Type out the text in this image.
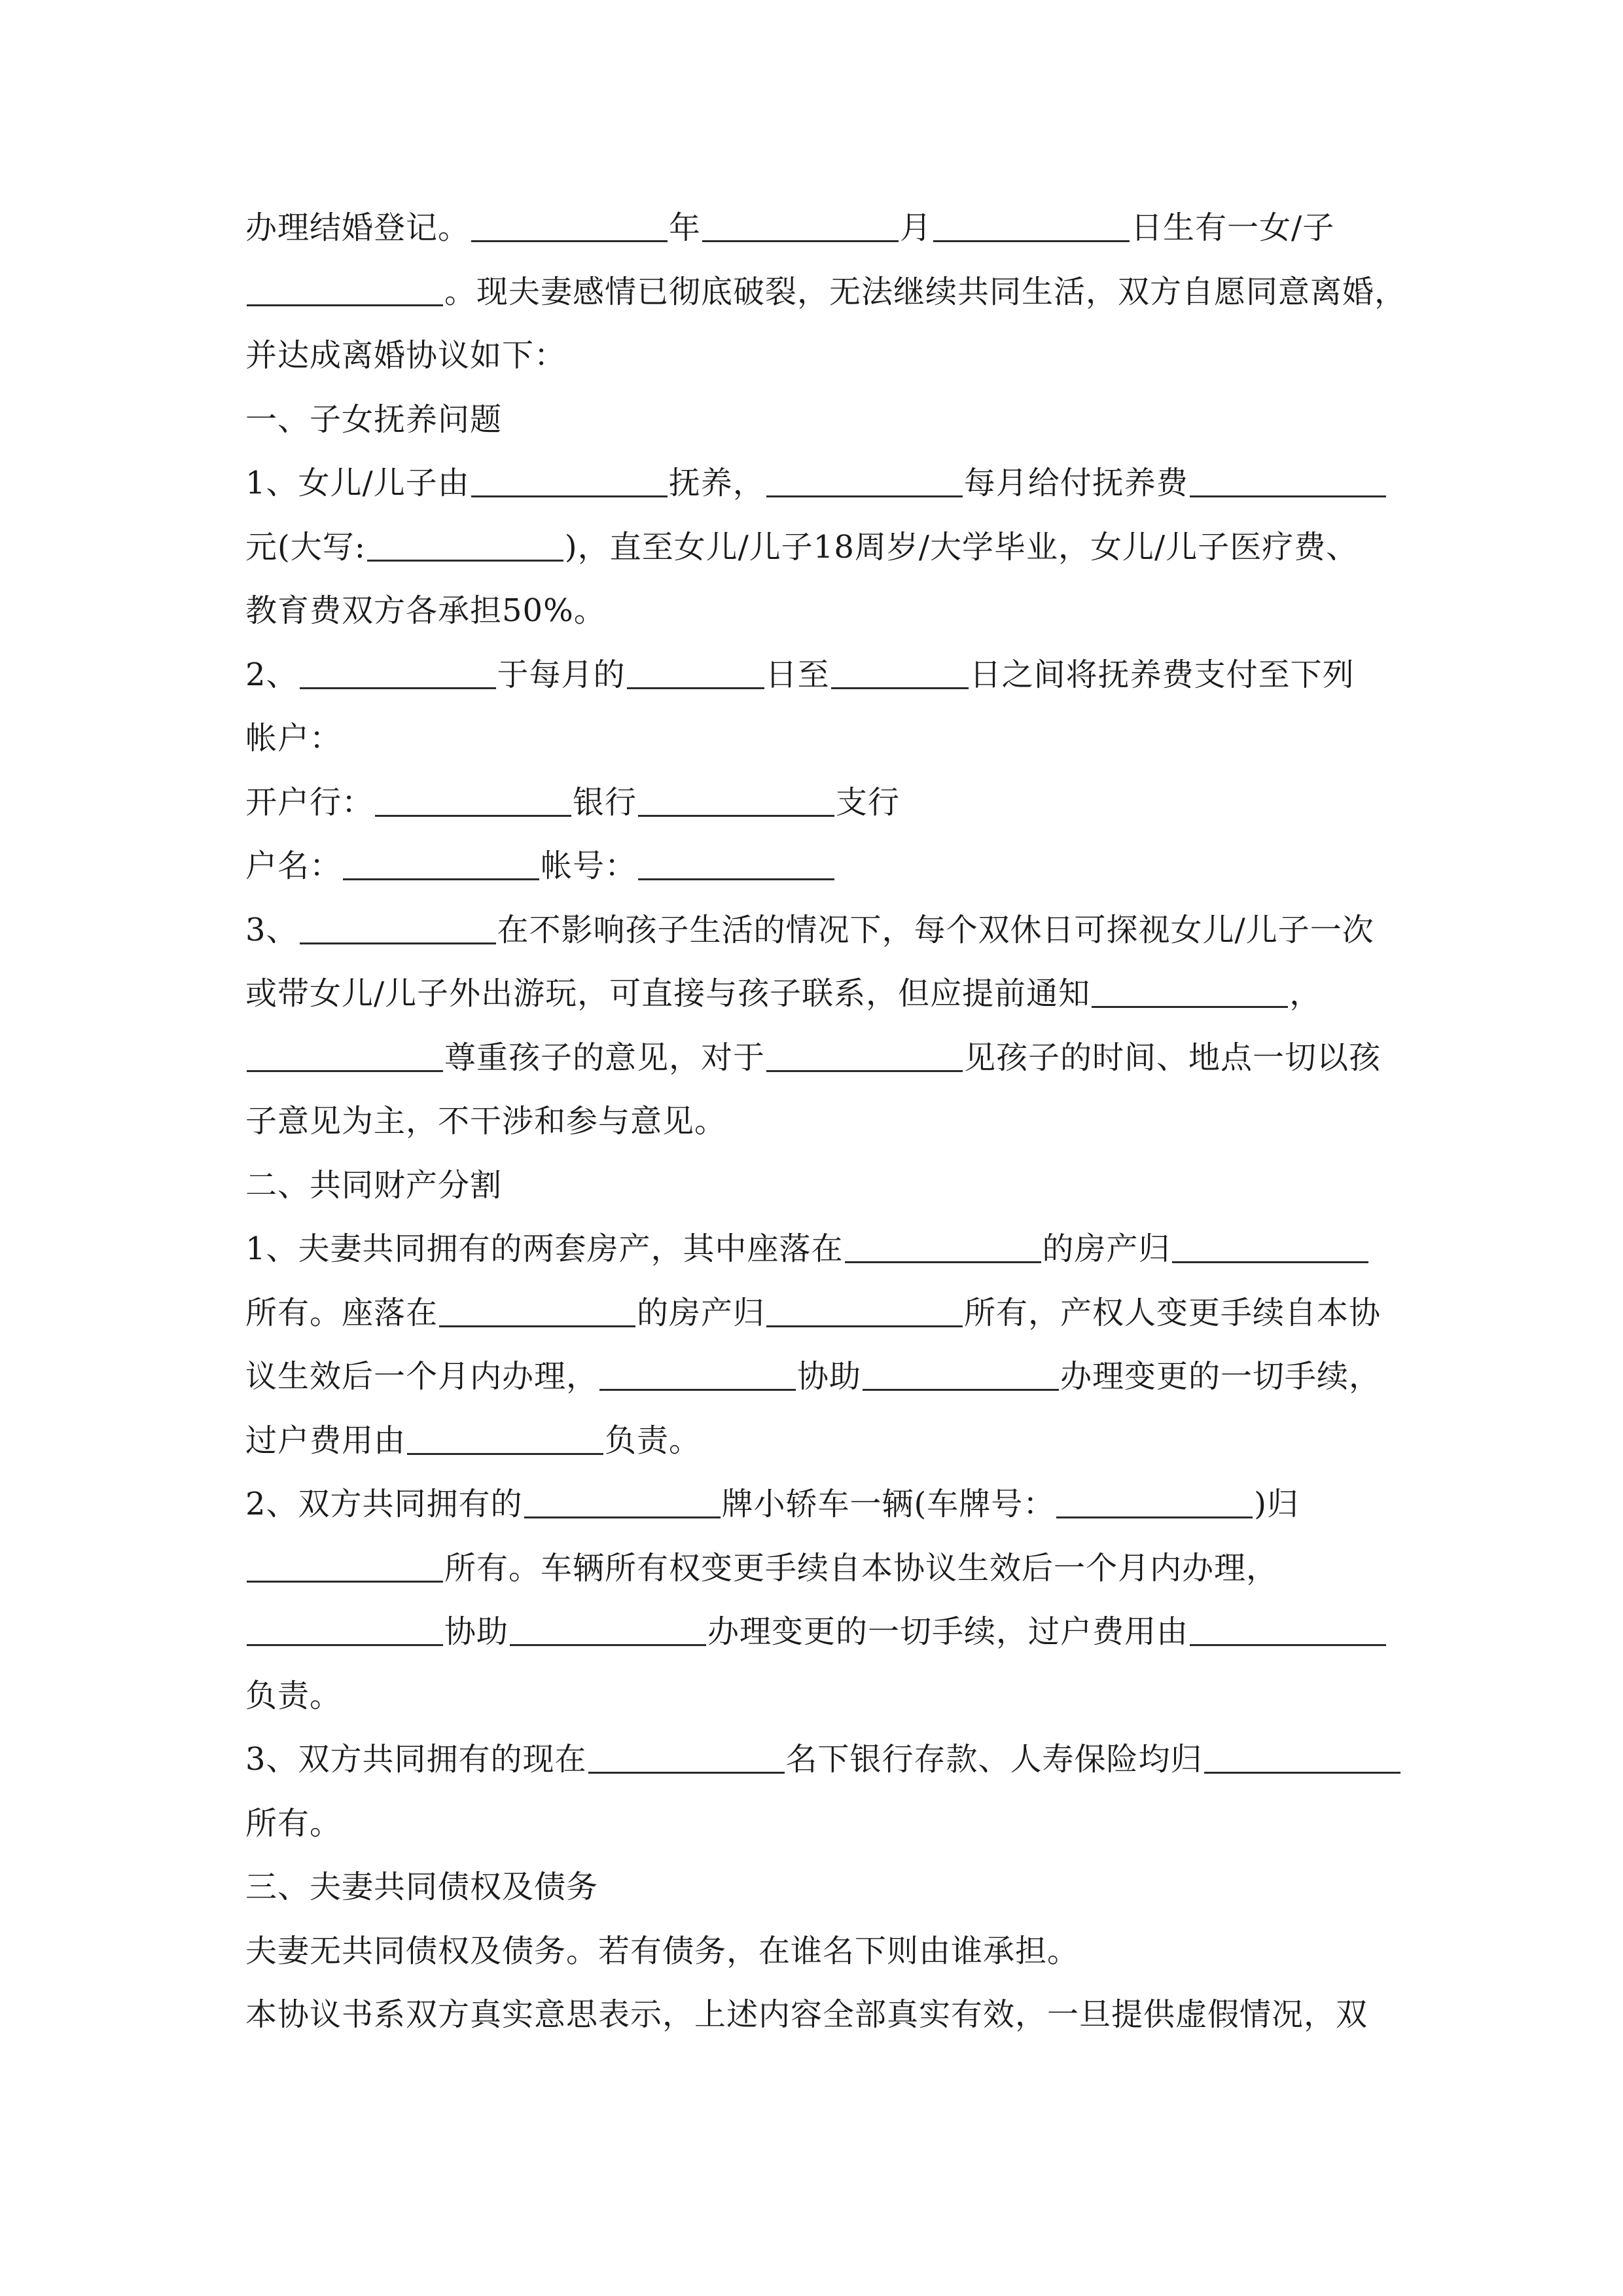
办理结婚登记。	年	月	日生有一女/子
。现夫妻感情已彻底破裂，无法继续共同生活，双方自愿同意离婚，
并达成离婚协议如下：
一、子女抚养问题
1、女儿/儿子由	抚养，	每月给付抚养费
元(大写:	)，直至女儿/儿子18周岁/大学毕业，女儿/儿子医疗费、
教育费双方各承担50%。
2、	于每月的	日至	日之间将抚养费支付至下列
帐户：
开户行：	银行	支行
户名：	帐号：
3、	在不影响孩子生活的情况下，每个双休日可探视女儿/儿子一次
或带女儿/儿子外出游玩，可直接与孩子联系，但应提前通知	，
尊重孩子的意见，对于	见孩子的时间、地点一切以孩
子意见为主，不干涉和参与意见。
二、共同财产分割
1、夫妻共同拥有的两套房产，其中座落在	的房产归
所有。座落在	的房产归	所有，产权人变更手续自本协
议生效后一个月内办理，	协助	办理变更的一切手续，
过户费用由	负责。
2、双方共同拥有的	牌小轿车一辆(车牌号：	)归
所有。车辆所有权变更手续自本协议生效后一个月内办理，
协助	办理变更的一切手续，过户费用由
负责。
3、双方共同拥有的现在	名下银行存款、人寿保险均归
所有。
三、夫妻共同债权及债务
夫妻无共同债权及债务。若有债务，在谁名下则由谁承担。
本协议书系双方真实意思表示，上述内容全部真实有效，一旦提供虚假情况，双
